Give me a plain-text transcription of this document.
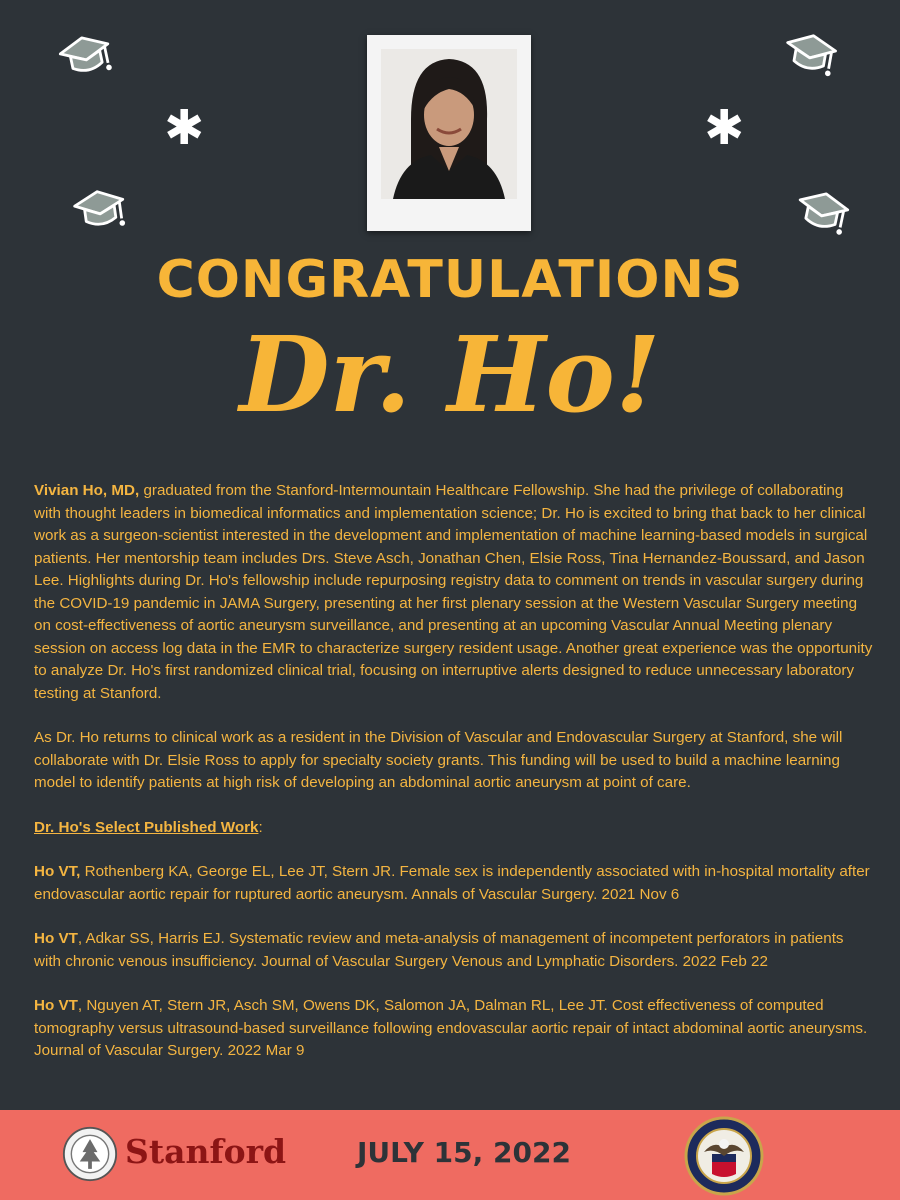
✱	✱
CONGRATULATIONS
Dr. Ho!

Vivian Ho, MD, graduated from the Stanford-Intermountain Healthcare Fellowship. She had the privilege of collaborating with thought leaders in biomedical informatics and implementation science; Dr. Ho is excited to bring that back to her clinical work as a surgeon-scientist interested in the development and implementation of machine learning-based models in surgical patients. Her mentorship team includes Drs. Steve Asch, Jonathan Chen, Elsie Ross, Tina Hernandez-Boussard, and Jason Lee. Highlights during Dr. Ho's fellowship include repurposing registry data to comment on trends in vascular surgery during the COVID-19 pandemic in JAMA Surgery, presenting at her first plenary session at the Western Vascular Surgery meeting on cost-effectiveness of aortic aneurysm surveillance, and presenting at an upcoming Vascular Annual Meeting plenary session on access log data in the EMR to characterize surgery resident usage. Another great experience was the opportunity to analyze Dr. Ho's first randomized clinical trial, focusing on interruptive alerts designed to reduce unnecessary laboratory testing at Stanford.

As Dr. Ho returns to clinical work as a resident in the Division of Vascular and Endovascular Surgery at Stanford, she will collaborate with Dr. Elsie Ross to apply for specialty society grants. This funding will be used to build a machine learning model to identify patients at high risk of developing an abdominal aortic aneurysm at point of care.

Dr. Ho's Select Published Work:

Ho VT, Rothenberg KA, George EL, Lee JT, Stern JR. Female sex is independently associated with in-hospital mortality after endovascular aortic repair for ruptured aortic aneurysm. Annals of Vascular Surgery. 2021 Nov 6

Ho VT, Adkar SS, Harris EJ. Systematic review and meta-analysis of management of incompetent perforators in patients with chronic venous insufficiency. Journal of Vascular Surgery Venous and Lymphatic Disorders. 2022 Feb 22

Ho VT, Nguyen AT, Stern JR, Asch SM, Owens DK, Salomon JA, Dalman RL, Lee JT. Cost effectiveness of computed tomography versus ultrasound-based surveillance following endovascular aortic repair of intact abdominal aortic aneurysms. Journal of Vascular Surgery. 2022 Mar 9

Stanford	JULY 15, 2022
